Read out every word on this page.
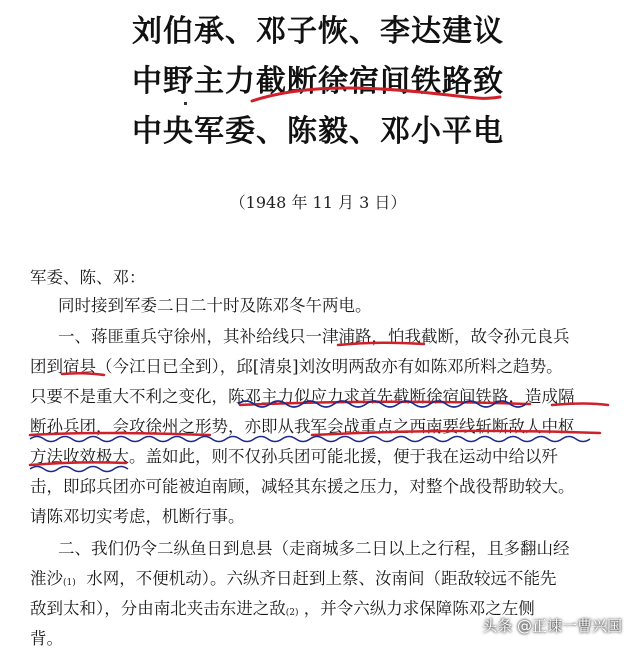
刘伯承、邓子恢、李达建议
中野主力截断徐宿间铁路致
中央军委、陈毅、邓小平电
（1948 年 11 月 3 日）
军委、陈、邓：
同时接到军委二日二十时及陈邓冬午两电。
一、蒋匪重兵守徐州，其补给线只一津浦路，怕我截断，故令孙元良兵
团到宿县（今江日已全到），邱[清泉]刘汝明两敌亦有如陈邓所料之趋势。
只要不是重大不利之变化，陈邓主力似应力求首先截断徐宿间铁路，造成隔
断孙兵团，会攻徐州之形势，亦即从我军会战重点之西南要线斩断敌人中枢
方法收效极大。盖如此，则不仅孙兵团可能北援，便于我在运动中给以歼
击，即邱兵团亦可能被迫南顾，减轻其东援之压力，对整个战役帮助较大。
请陈邓切实考虑，机断行事。
二、我们仍令二纵鱼日到息县（走商城多二日以上之行程，且多翻山经
淮沙 (1) 水网，不便机动）。六纵齐日赶到上蔡、汝南间（距敌较远不能先
敌到太和），分由南北夹击东进之敌 (2) ，并令六纵力求保障陈邓之左侧
背。
头条 @正谏一曹兴国
